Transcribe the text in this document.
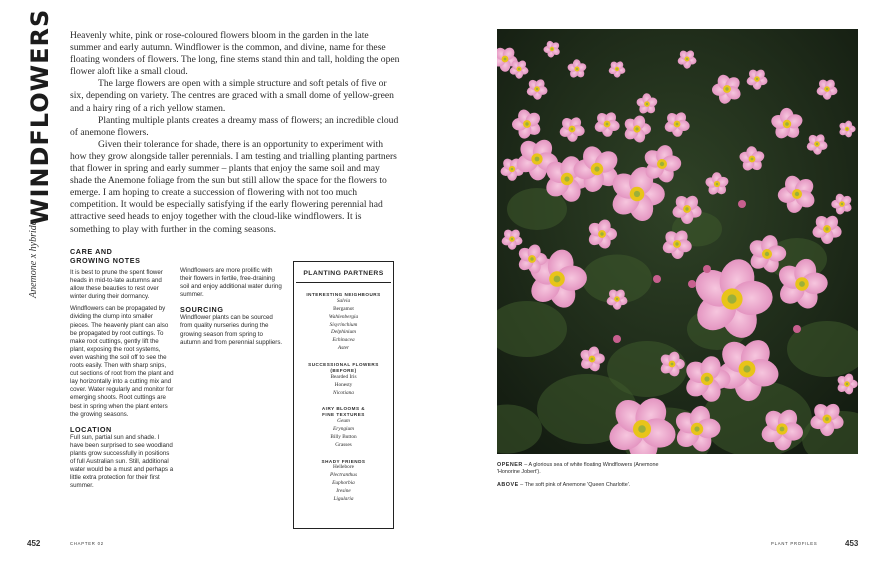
WINDFLOWERS
Anemone x hybrida

Heavenly white, pink or rose-coloured flowers bloom in the garden in the late summer and early autumn. Windflower is the common, and divine, name for these floating wonders of flowers. The long, fine stems stand thin and tall, holding the open flower aloft like a small cloud.

The large flowers are open with a simple structure and soft petals of five or six, depending on variety. The centres are graced with a small dome of yellow-green and a hairy ring of a rich yellow stamen.

Planting multiple plants creates a dreamy mass of flowers; an incredible cloud of anemone flowers.

Given their tolerance for shade, there is an opportunity to experiment with how they grow alongside taller perennials. I am testing and trialling planting partners that flower in spring and early summer – plants that enjoy the same soil and may shade the Anemone foliage from the sun but still allow the space for the flowers to emerge. I am hoping to create a succession of flowering with not too much competition. It would be especially satisfying if the early flowering perennial had attractive seed heads to enjoy together with the cloud-like windflowers. It is something to play with further in the coming seasons.

CARE AND
GROWING NOTES

It is best to prune the spent flower heads in mid-to-late autumns and allow these beauties to rest over winter during their dormancy.

Windflowers can be propagated by dividing the clump into smaller pieces. The heavenly plant can also be propagated by root cuttings. To make root cuttings, gently lift the plant, exposing the root systems, even washing the soil off to see the roots easily. Then with sharp snips, cut sections of root from the plant and lay horizontally into a cutting mix and cover. Water regularly and monitor for emerging shoots. Root cuttings are best in spring when the plant enters the growing seasons.

LOCATION

Full sun, partial sun and shade. I have been surprised to see woodland plants grow successfully in positions of full Australian sun. Still, additional water would be a must and perhaps a little extra protection for their first summer.

Windflowers are more prolific with their flowers in fertile, free-draining soil and enjoy additional water during summer.

SOURCING

Windflower plants can be sourced from quality nurseries during the growing season from spring to autumn and from perennial suppliers.

PLANTING PARTNERS
INTERESTING NEIGHBOURS
Salvia
Bergamot
Wahlenbergia
Sisyrinchium
Delphinium
Echinacea
Aster
SUCCESSIONAL FLOWERS
(BEFORE)
Bearded Iris
Honesty
Nicotiana
AIRY BLOOMS &
FINE TEXTURES
Geum
Eryngium
Billy Button
Grasses
SHADY FRIENDS
Hellebore
Plectranthus
Euphorbia
Iresine
Ligularia
OPENER – A glorious sea of white floating Windflowers (Anemone 'Honorine Jobert').
ABOVE – The soft pink of Anemone 'Queen Charlotte'.
452	CHAPTER 02	PLANT PROFILES	453
